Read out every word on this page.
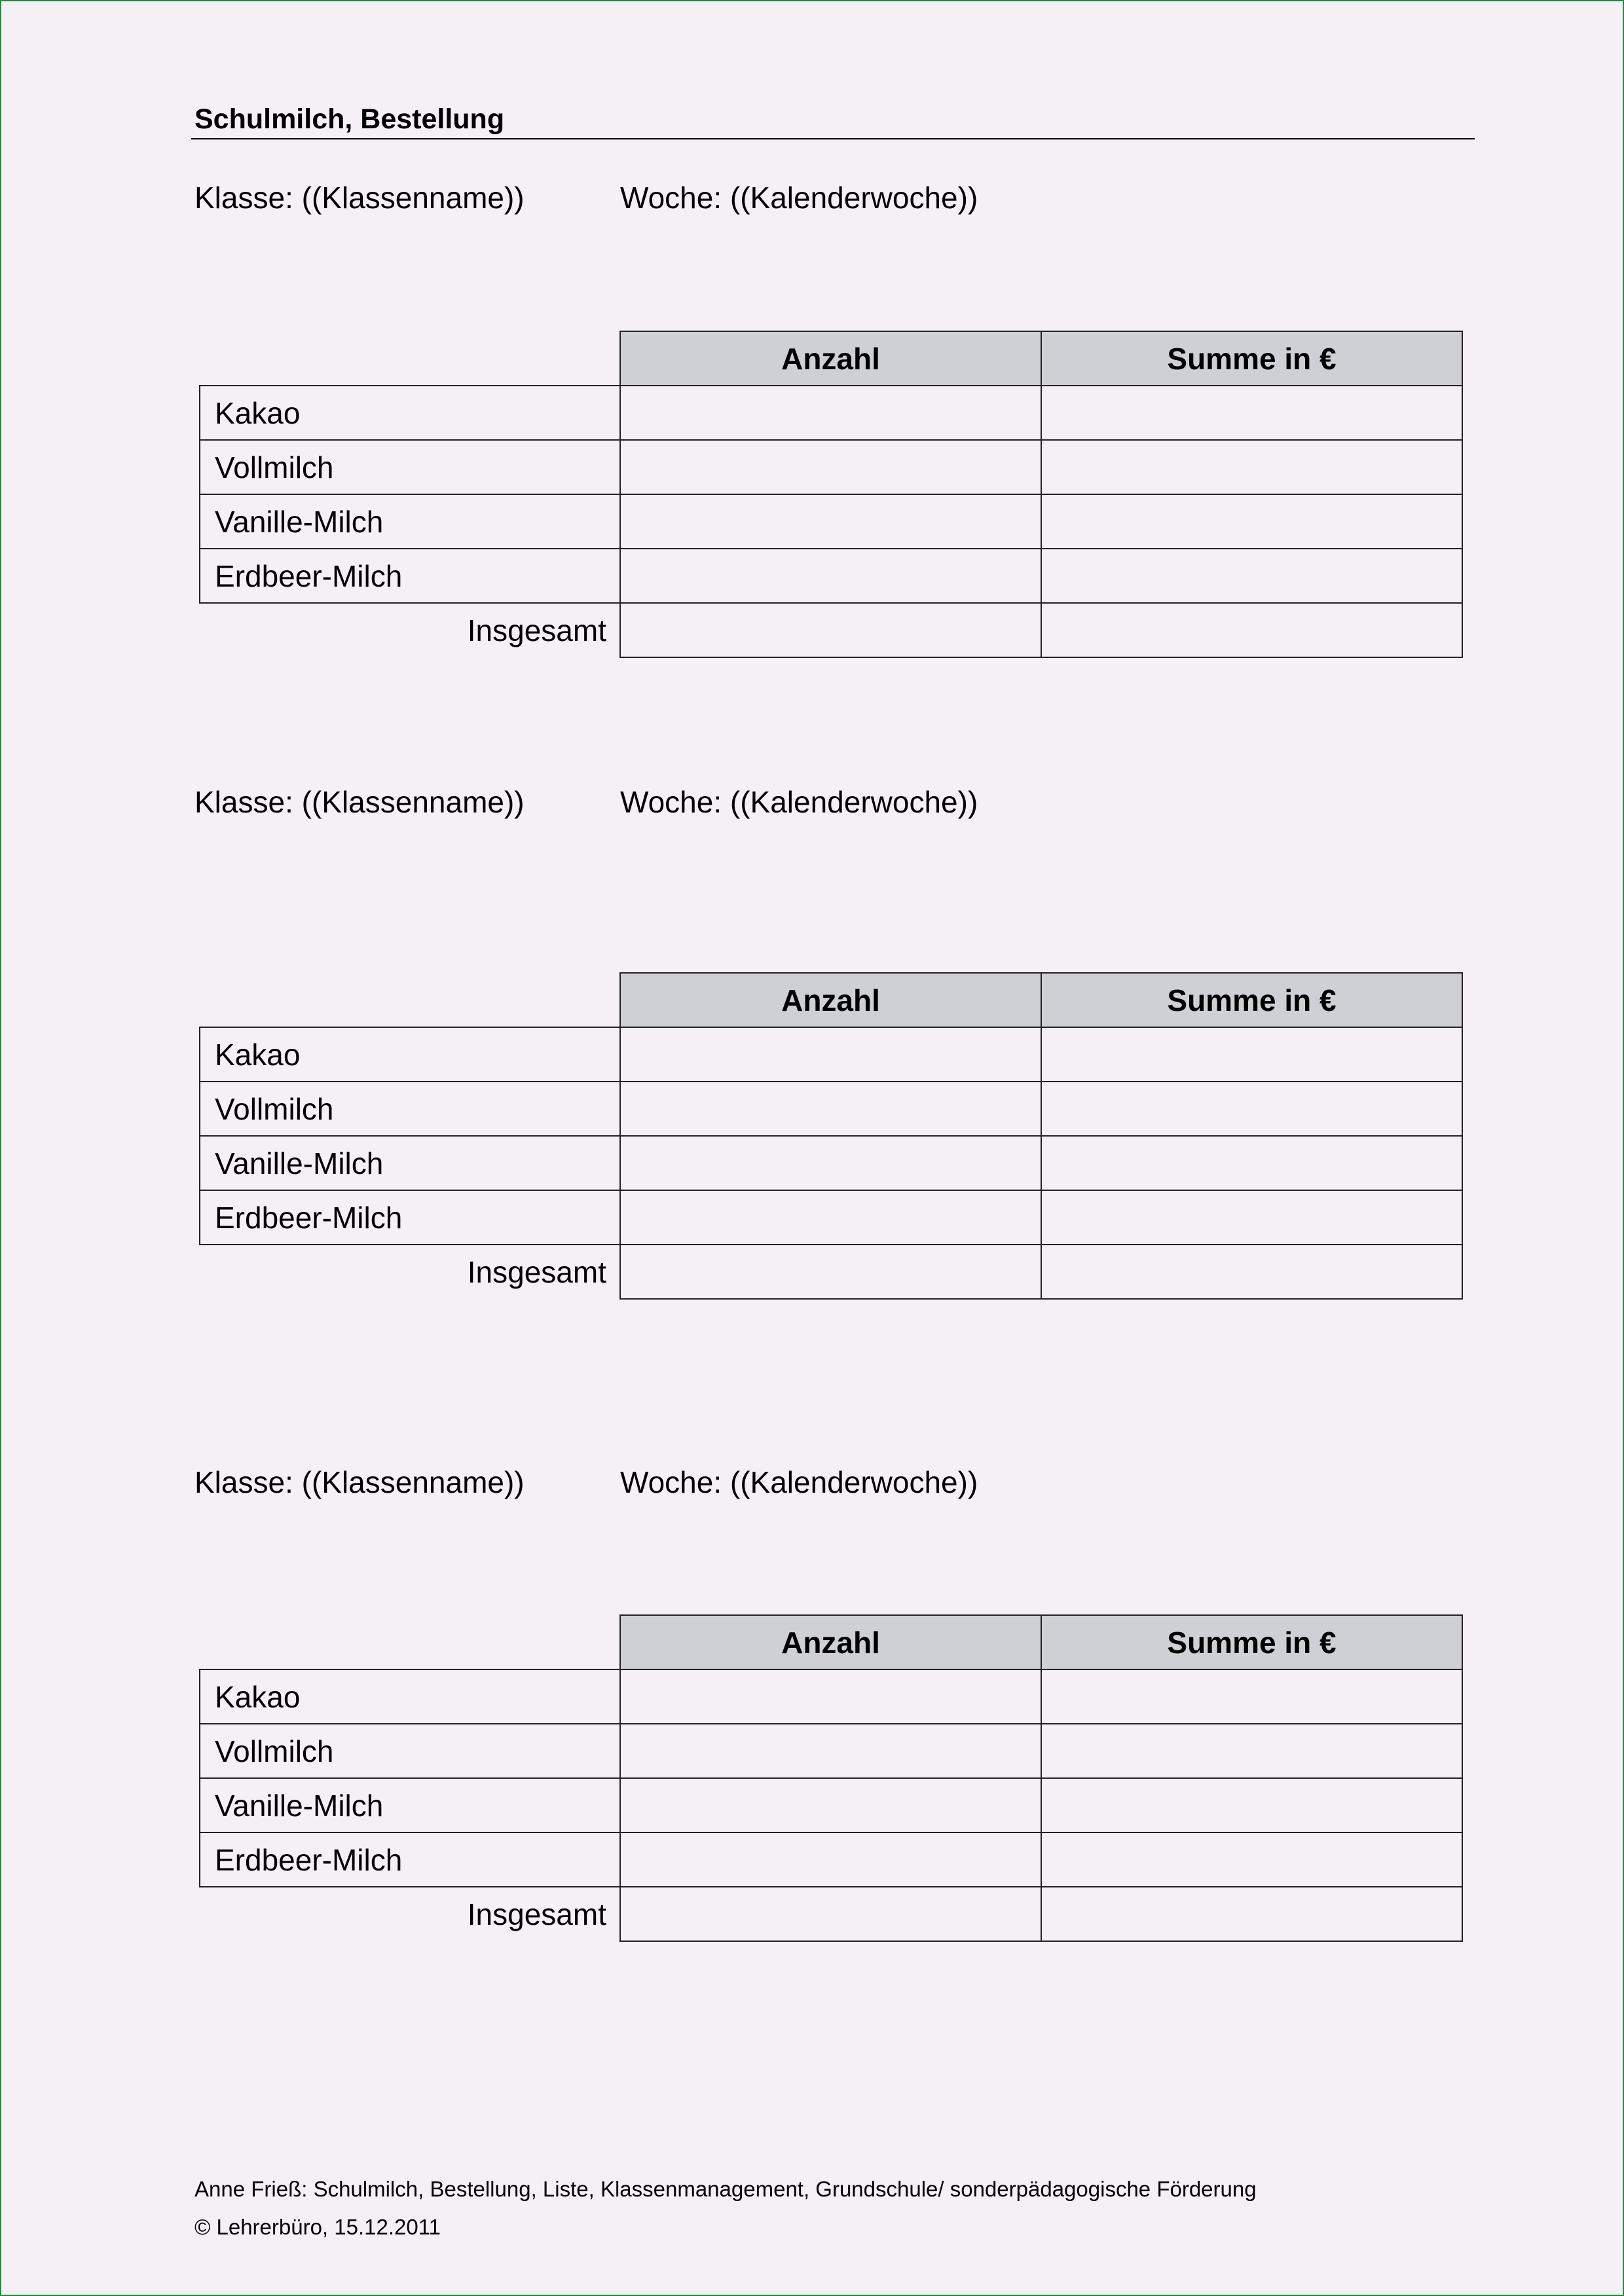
Schulmilch, Bestellung
Klasse: ((Klassenname))	Woche: ((Kalenderwoche))
	Anzahl	Summe in €
Kakao		
Vollmilch		
Vanille-Milch		
Erdbeer-Milch		
Insgesamt		
Klasse: ((Klassenname))	Woche: ((Kalenderwoche))
	Anzahl	Summe in €
Kakao		
Vollmilch		
Vanille-Milch		
Erdbeer-Milch		
Insgesamt		
Klasse: ((Klassenname))	Woche: ((Kalenderwoche))
	Anzahl	Summe in €
Kakao		
Vollmilch		
Vanille-Milch		
Erdbeer-Milch		
Insgesamt		
Anne Frieß: Schulmilch, Bestellung, Liste, Klassenmanagement, Grundschule/ sonderpädagogische Förderung
© Lehrerbüro, 15.12.2011
